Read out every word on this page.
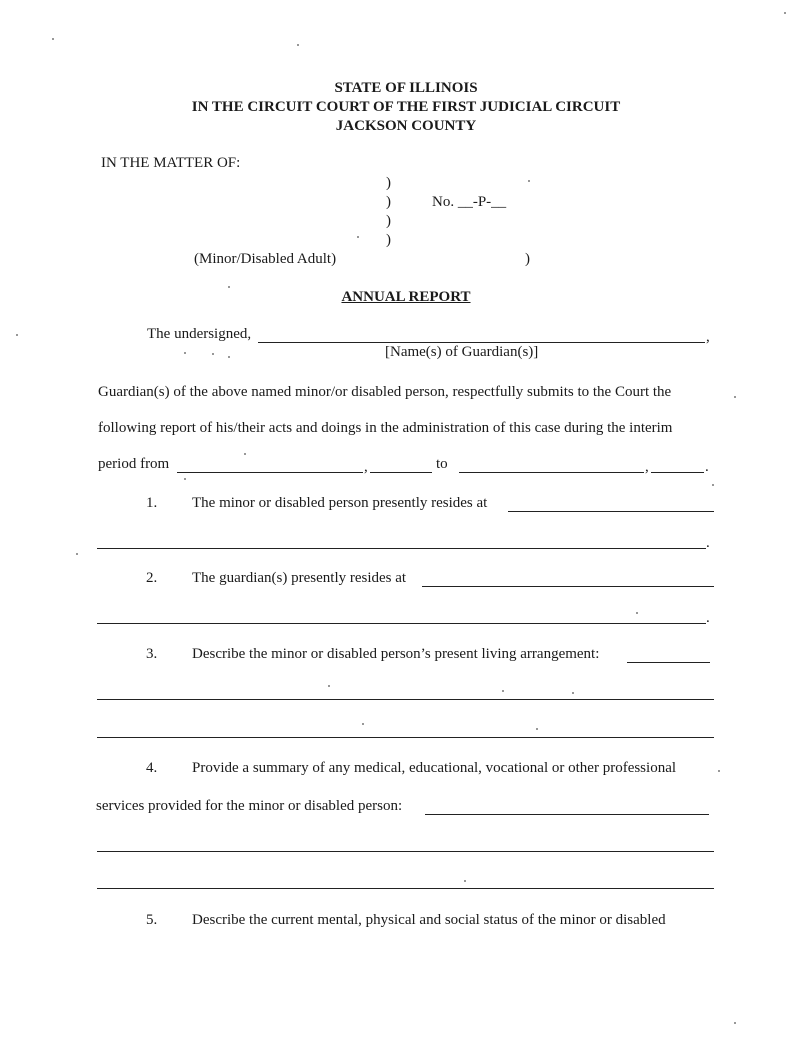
STATE OF ILLINOIS
IN THE CIRCUIT COURT OF THE FIRST JUDICIAL CIRCUIT
JACKSON COUNTY
IN THE MATTER OF:
)
)
)
)
No. __-P-__
(Minor/Disabled Adult)	)
ANNUAL REPORT
The undersigned,	,
[Name(s) of Guardian(s)]
Guardian(s) of the above named minor/or disabled person, respectfully submits to the Court the
following report of his/their acts and doings in the administration of this case during the interim
period from	,	to	,	.
1. The minor or disabled person presently resides at
.
2. The guardian(s) presently resides at
.
3. Describe the minor or disabled person’s present living arrangement:
4. Provide a summary of any medical, educational, vocational or other professional
services provided for the minor or disabled person:
5. Describe the current mental, physical and social status of the minor or disabled
